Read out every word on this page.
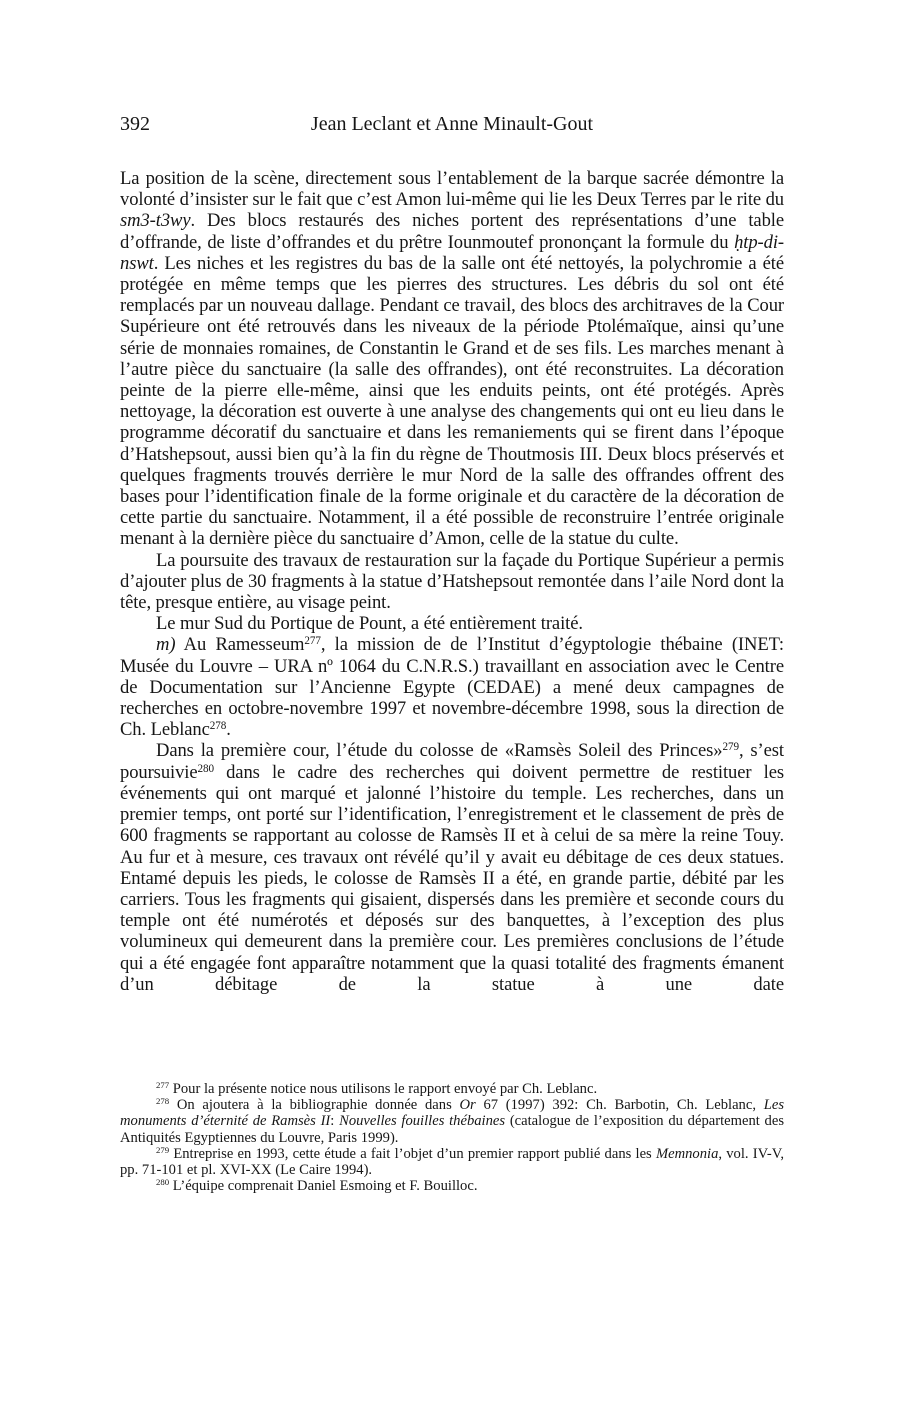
392	Jean Leclant et Anne Minault-Gout

La position de la scène, directement sous l’entablement de la barque sacrée démontre la volonté d’insister sur le fait que c’est Amon lui-même qui lie les Deux Terres par le rite du sm3-t3wy. Des blocs restaurés des niches portent des représentations d’une table d’offrande, de liste d’offrandes et du prêtre Iounmoutef prononçant la formule du ḥtp-di-nswt. Les niches et les registres du bas de la salle ont été nettoyés, la polychromie a été protégée en même temps que les pierres des structures. Les débris du sol ont été remplacés par un nouveau dallage. Pendant ce travail, des blocs des architraves de la Cour Supérieure ont été retrouvés dans les niveaux de la période Ptolémaïque, ainsi qu’une série de monnaies romaines, de Constantin le Grand et de ses fils. Les marches menant à l’autre pièce du sanctuaire (la salle des offrandes), ont été reconstruites. La décoration peinte de la pierre elle-même, ainsi que les enduits peints, ont été protégés. Après nettoyage, la décoration est ouverte à une analyse des changements qui ont eu lieu dans le programme décoratif du sanctuaire et dans les remaniements qui se firent dans l’époque d’Hatshepsout, aussi bien qu’à la fin du règne de Thoutmosis III. Deux blocs préservés et quelques fragments trouvés derrière le mur Nord de la salle des offrandes offrent des bases pour l’identification finale de la forme originale et du caractère de la décoration de cette partie du sanctuaire. Notamment, il a été possible de reconstruire l’entrée originale menant à la dernière pièce du sanctuaire d’Amon, celle de la statue du culte.

La poursuite des travaux de restauration sur la façade du Portique Supérieur a permis d’ajouter plus de 30 fragments à la statue d’Hatshepsout remontée dans l’aile Nord dont la tête, presque entière, au visage peint.

Le mur Sud du Portique de Pount, a été entièrement traité.

m) Au Ramesseum$^{277}$, la mission de de l’Institut d’égyptologie thébaine (INET: Musée du Louvre – URA nº 1064 du C.N.R.S.) travaillant en association avec le Centre de Documentation sur l’Ancienne Egypte (CEDAE) a mené deux campagnes de recherches en octobre-novembre 1997 et novembre-décembre 1998, sous la direction de Ch. Leblanc$^{278}$.

Dans la première cour, l’étude du colosse de «Ramsès Soleil des Princes»$^{279}$, s’est poursuivie$^{280}$ dans le cadre des recherches qui doivent permettre de restituer les événements qui ont marqué et jalonné l’histoire du temple. Les recherches, dans un premier temps, ont porté sur l’identification, l’enregistrement et le classement de près de 600 fragments se rapportant au colosse de Ramsès II et à celui de sa mère la reine Touy. Au fur et à mesure, ces travaux ont révélé qu’il y avait eu débitage de ces deux statues. Entamé depuis les pieds, le colosse de Ramsès II a été, en grande partie, débité par les carriers. Tous les fragments qui gisaient, dispersés dans les première et seconde cours du temple ont été numérotés et déposés sur des banquettes, à l’exception des plus volumineux qui demeurent dans la première cour. Les premières conclusions de l’étude qui a été engagée font apparaître notamment que la quasi totalité des fragments émanent d’un débitage de la statue à une date

$^{277}$ Pour la présente notice nous utilisons le rapport envoyé par Ch. Leblanc.

$^{278}$ On ajoutera à la bibliographie donnée dans Or 67 (1997) 392: Ch. Barbotin, Ch. Leblanc, Les monuments d’éternité de Ramsès II: Nouvelles fouilles thébaines (catalogue de l’exposition du département des Antiquités Egyptiennes du Louvre, Paris 1999).

$^{279}$ Entreprise en 1993, cette étude a fait l’objet d’un premier rapport publié dans les Memnonia, vol. IV-V, pp. 71-101 et pl. XVI-XX (Le Caire 1994).

$^{280}$ L’équipe comprenait Daniel Esmoing et F. Bouilloc.
